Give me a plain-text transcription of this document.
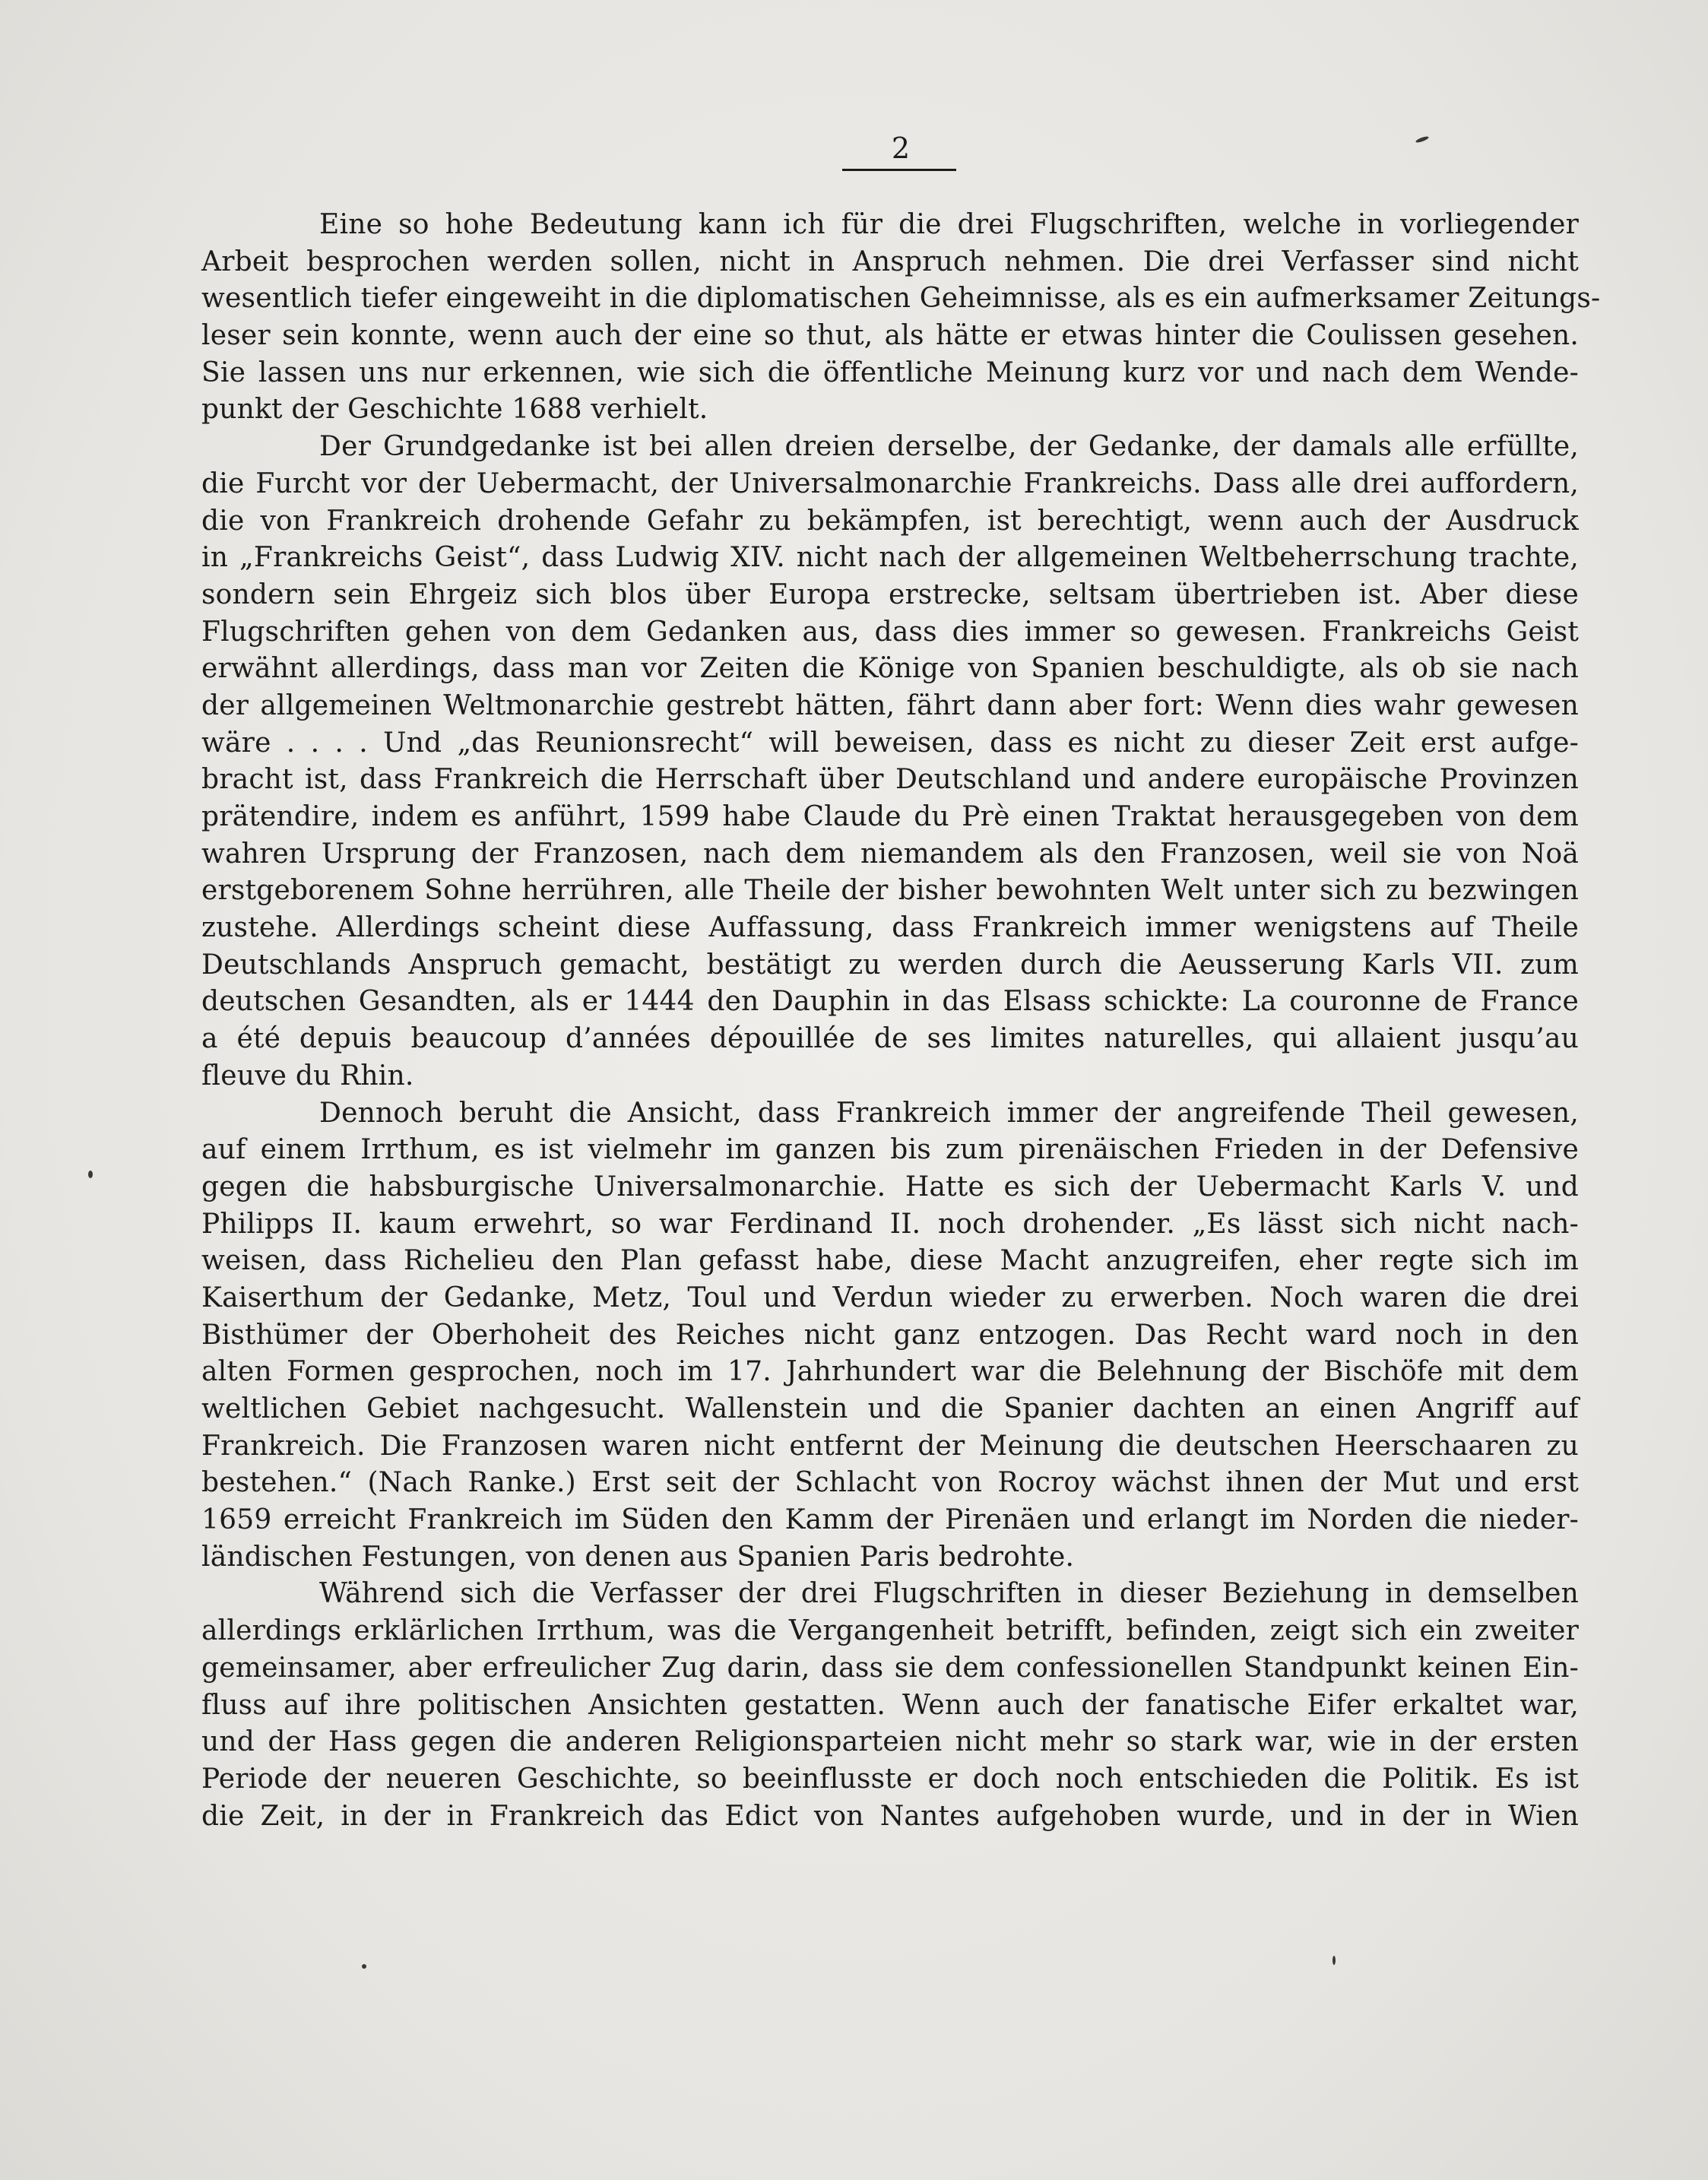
2
Eine so hohe Bedeutung kann ich für die drei Flugschriften, welche in vorliegender
Arbeit besprochen werden sollen, nicht in Anspruch nehmen. Die drei Verfasser sind nicht
wesentlich tiefer eingeweiht in die diplomatischen Geheimnisse, als es ein aufmerksamer Zeitungs-
leser sein konnte, wenn auch der eine so thut, als hätte er etwas hinter die Coulissen gesehen.
Sie lassen uns nur erkennen, wie sich die öffentliche Meinung kurz vor und nach dem Wende-
punkt der Geschichte 1688 verhielt.
Der Grundgedanke ist bei allen dreien derselbe, der Gedanke, der damals alle erfüllte,
die Furcht vor der Uebermacht, der Universalmonarchie Frankreichs. Dass alle drei auffordern,
die von Frankreich drohende Gefahr zu bekämpfen, ist berechtigt, wenn auch der Ausdruck
in „Frankreichs Geist“, dass Ludwig XIV. nicht nach der allgemeinen Weltbeherrschung trachte,
sondern sein Ehrgeiz sich blos über Europa erstrecke, seltsam übertrieben ist. Aber diese
Flugschriften gehen von dem Gedanken aus, dass dies immer so gewesen. Frankreichs Geist
erwähnt allerdings, dass man vor Zeiten die Könige von Spanien beschuldigte, als ob sie nach
der allgemeinen Weltmonarchie gestrebt hätten, fährt dann aber fort: Wenn dies wahr gewesen
wäre . . . . Und „das Reunionsrecht“ will beweisen, dass es nicht zu dieser Zeit erst aufge-
bracht ist, dass Frankreich die Herrschaft über Deutschland und andere europäische Provinzen
prätendire, indem es anführt, 1599 habe Claude du Prè einen Traktat herausgegeben von dem
wahren Ursprung der Franzosen, nach dem niemandem als den Franzosen, weil sie von Noä
erstgeborenem Sohne herrühren, alle Theile der bisher bewohnten Welt unter sich zu bezwingen
zustehe. Allerdings scheint diese Auffassung, dass Frankreich immer wenigstens auf Theile
Deutschlands Anspruch gemacht, bestätigt zu werden durch die Aeusserung Karls VII. zum
deutschen Gesandten, als er 1444 den Dauphin in das Elsass schickte: La couronne de France
a été depuis beaucoup d’années dépouillée de ses limites naturelles, qui allaient jusqu’au
fleuve du Rhin.
Dennoch beruht die Ansicht, dass Frankreich immer der angreifende Theil gewesen,
auf einem Irrthum, es ist vielmehr im ganzen bis zum pirenäischen Frieden in der Defensive
gegen die habsburgische Universalmonarchie. Hatte es sich der Uebermacht Karls V. und
Philipps II. kaum erwehrt, so war Ferdinand II. noch drohender. „Es lässt sich nicht nach-
weisen, dass Richelieu den Plan gefasst habe, diese Macht anzugreifen, eher regte sich im
Kaiserthum der Gedanke, Metz, Toul und Verdun wieder zu erwerben. Noch waren die drei
Bisthümer der Oberhoheit des Reiches nicht ganz entzogen. Das Recht ward noch in den
alten Formen gesprochen, noch im 17. Jahrhundert war die Belehnung der Bischöfe mit dem
weltlichen Gebiet nachgesucht. Wallenstein und die Spanier dachten an einen Angriff auf
Frankreich. Die Franzosen waren nicht entfernt der Meinung die deutschen Heerschaaren zu
bestehen.“ (Nach Ranke.) Erst seit der Schlacht von Rocroy wächst ihnen der Mut und erst
1659 erreicht Frankreich im Süden den Kamm der Pirenäen und erlangt im Norden die nieder-
ländischen Festungen, von denen aus Spanien Paris bedrohte.
Während sich die Verfasser der drei Flugschriften in dieser Beziehung in demselben
allerdings erklärlichen Irrthum, was die Vergangenheit betrifft, befinden, zeigt sich ein zweiter
gemeinsamer, aber erfreulicher Zug darin, dass sie dem confessionellen Standpunkt keinen Ein-
fluss auf ihre politischen Ansichten gestatten. Wenn auch der fanatische Eifer erkaltet war,
und der Hass gegen die anderen Religionsparteien nicht mehr so stark war, wie in der ersten
Periode der neueren Geschichte, so beeinflusste er doch noch entschieden die Politik. Es ist
die Zeit, in der in Frankreich das Edict von Nantes aufgehoben wurde, und in der in Wien
